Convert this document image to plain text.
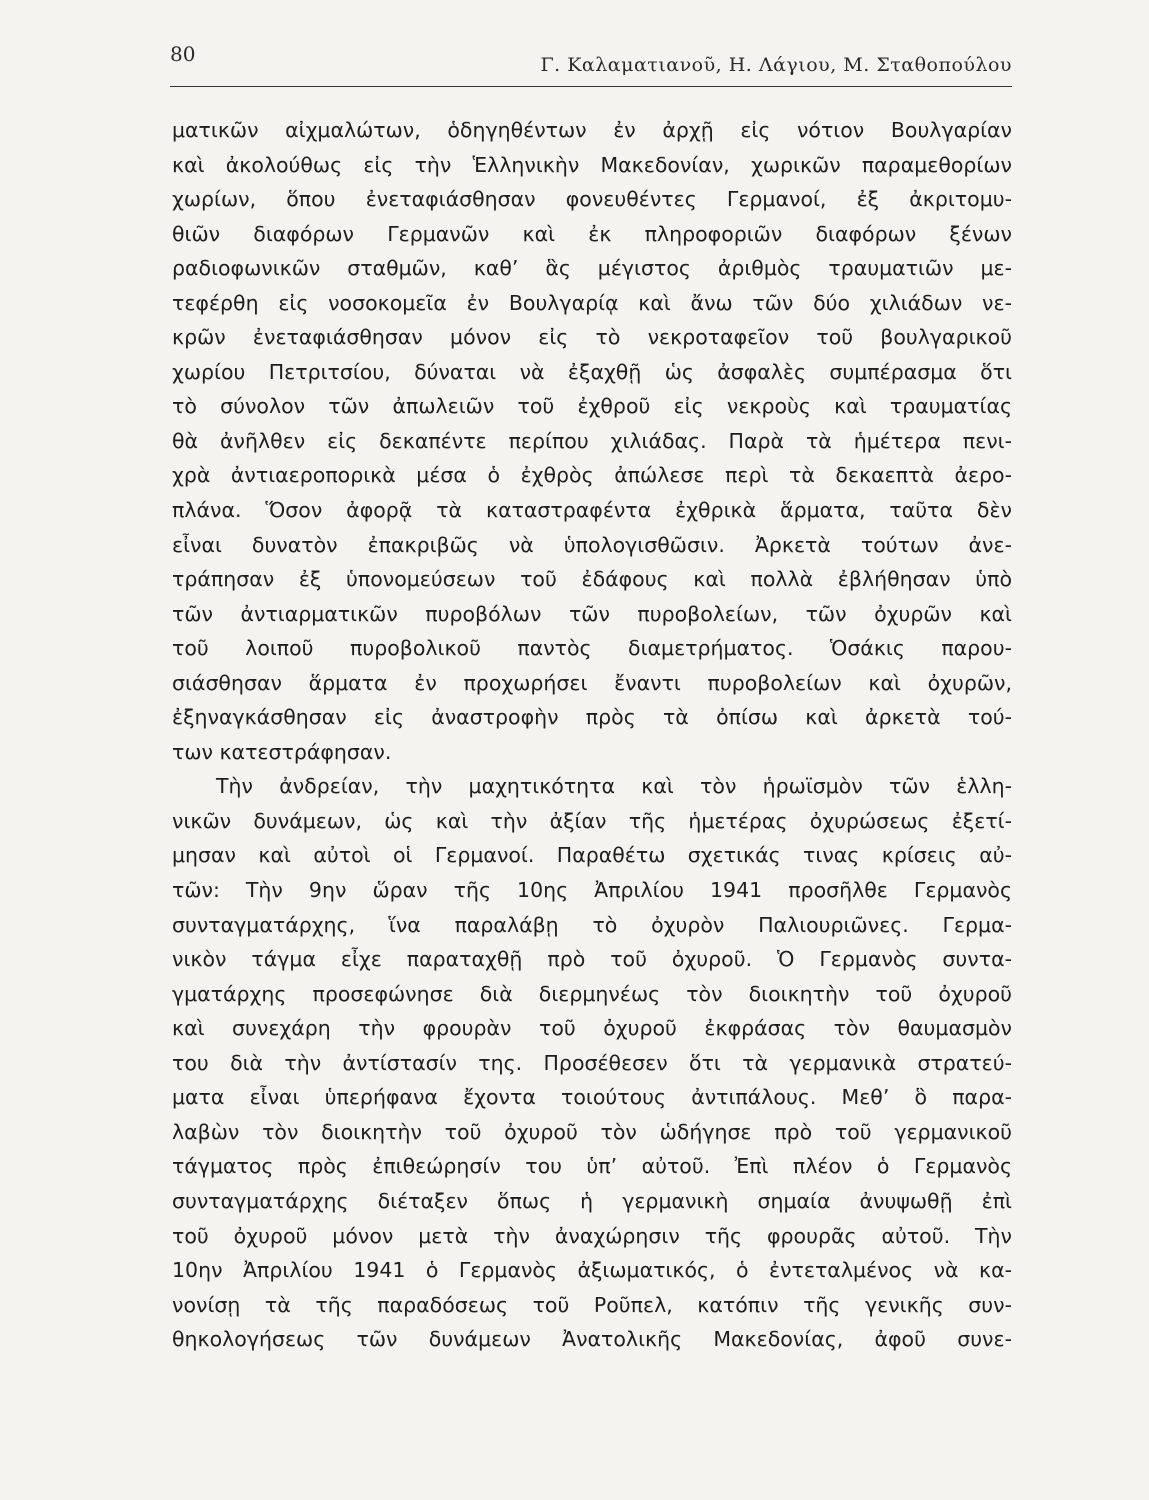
80	Γ. Καλαματιανοῦ, Η. Λάγιου, Μ. Σταθοπούλου
ματικῶν αἰχμαλώτων, ὁδηγηθέντων ἐν ἀρχῇ εἰς νότιον Βουλγαρίαν
καὶ ἀκολούθως εἰς τὴν Ἑλληνικὴν Μακεδονίαν, χωρικῶν παραμεθορίων
χωρίων, ὅπου ἐνεταφιάσθησαν φονευθέντες Γερμανοί, ἐξ ἀκριτομυ-
θιῶν διαφόρων Γερμανῶν καὶ ἐκ πληροφοριῶν διαφόρων ξένων
ραδιοφωνικῶν σταθμῶν, καθ’ ἃς μέγιστος ἀριθμὸς τραυματιῶν με-
τεφέρθη εἰς νοσοκομεῖα ἐν Βουλγαρίᾳ καὶ ἄνω τῶν δύο χιλιάδων νε-
κρῶν ἐνεταφιάσθησαν μόνον εἰς τὸ νεκροταφεῖον τοῦ βουλγαρικοῦ
χωρίου Πετριτσίου, δύναται νὰ ἐξαχθῇ ὡς ἀσφαλὲς συμπέρασμα ὅτι
τὸ σύνολον τῶν ἀπωλειῶν τοῦ ἐχθροῦ εἰς νεκροὺς καὶ τραυματίας
θὰ ἀνῆλθεν εἰς δεκαπέντε περίπου χιλιάδας. Παρὰ τὰ ἡμέτερα πενι-
χρὰ ἀντιαεροπορικὰ μέσα ὁ ἐχθρὸς ἀπώλεσε περὶ τὰ δεκαεπτὰ ἀερο-
πλάνα. Ὅσον ἀφορᾷ τὰ καταστραφέντα ἐχθρικὰ ἅρματα, ταῦτα δὲν
εἶναι δυνατὸν ἐπακριβῶς νὰ ὑπολογισθῶσιν. Ἀρκετὰ τούτων ἀνε-
τράπησαν ἐξ ὑπονομεύσεων τοῦ ἐδάφους καὶ πολλὰ ἐβλήθησαν ὑπὸ
τῶν ἀντιαρματικῶν πυροβόλων τῶν πυροβολείων, τῶν ὀχυρῶν καὶ
τοῦ λοιποῦ πυροβολικοῦ παντὸς διαμετρήματος. Ὁσάκις παρου-
σιάσθησαν ἅρματα ἐν προχωρήσει ἔναντι πυροβολείων καὶ ὀχυρῶν,
ἐξηναγκάσθησαν εἰς ἀναστροφὴν πρὸς τὰ ὀπίσω καὶ ἀρκετὰ τού-
των κατεστράφησαν.
Τὴν ἀνδρείαν, τὴν μαχητικότητα καὶ τὸν ἡρωϊσμὸν τῶν ἑλλη-
νικῶν δυνάμεων, ὡς καὶ τὴν ἀξίαν τῆς ἡμετέρας ὀχυρώσεως ἐξετί-
μησαν καὶ αὐτοὶ οἱ Γερμανοί. Παραθέτω σχετικάς τινας κρίσεις αὐ-
τῶν: Τὴν 9ην ὥραν τῆς 10ης Ἀπριλίου 1941 προσῆλθε Γερμανὸς
συνταγματάρχης, ἵνα παραλάβῃ τὸ ὀχυρὸν Παλιουριῶνες. Γερμα-
νικὸν τάγμα εἶχε παραταχθῇ πρὸ τοῦ ὀχυροῦ. Ὁ Γερμανὸς συντα-
γματάρχης προσεφώνησε διὰ διερμηνέως τὸν διοικητὴν τοῦ ὀχυροῦ
καὶ συνεχάρη τὴν φρουρὰν τοῦ ὀχυροῦ ἐκφράσας τὸν θαυμασμὸν
του διὰ τὴν ἀντίστασίν της. Προσέθεσεν ὅτι τὰ γερμανικὰ στρατεύ-
ματα εἶναι ὑπερήφανα ἔχοντα τοιούτους ἀντιπάλους. Μεθ’ ὃ παρα-
λαβὼν τὸν διοικητὴν τοῦ ὀχυροῦ τὸν ὡδήγησε πρὸ τοῦ γερμανικοῦ
τάγματος πρὸς ἐπιθεώρησίν του ὑπ’ αὐτοῦ. Ἐπὶ πλέον ὁ Γερμανὸς
συνταγματάρχης διέταξεν ὅπως ἡ γερμανικὴ σημαία ἀνυψωθῇ ἐπὶ
τοῦ ὀχυροῦ μόνον μετὰ τὴν ἀναχώρησιν τῆς φρουρᾶς αὐτοῦ. Τὴν
10ην Ἀπριλίου 1941 ὁ Γερμανὸς ἀξιωματικός, ὁ ἐντεταλμένος νὰ κα-
νονίσῃ τὰ τῆς παραδόσεως τοῦ Ροῦπελ, κατόπιν τῆς γενικῆς συν-
θηκολογήσεως τῶν δυνάμεων Ἀνατολικῆς Μακεδονίας, ἀφοῦ συνε-
